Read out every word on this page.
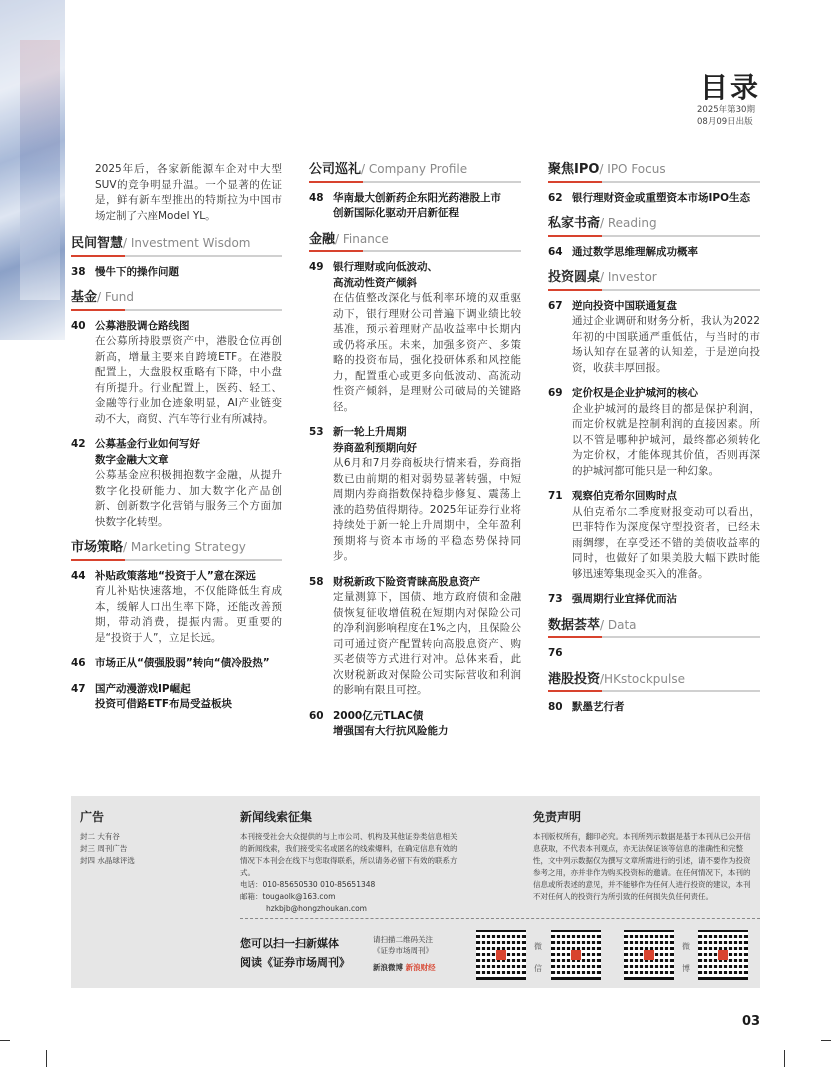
目录
2025年第30期
08月09日出版
2025年后，各家新能源车企对中大型SUV的竞争明显升温。一个显著的佐证是，鲜有新车型推出的特斯拉为中国市场定制了六座Model YL。
民间智慧/ Investment Wisdom
38 慢牛下的操作问题
基金/ Fund
40 公募港股调仓路线图
在公募所持股票资产中，港股仓位再创新高，增量主要来自跨境ETF。在港股配置上，大盘股权重略有下降，中小盘有所提升。行业配置上，医药、轻工、金融等行业加仓迹象明显，AI产业链变动不大，商贸、汽车等行业有所减持。
42 公募基金行业如何写好
数字金融大文章
公募基金应积极拥抱数字金融，从提升数字化投研能力、加大数字化产品创新、创新数字化营销与服务三个方面加快数字化转型。
市场策略/ Marketing Strategy
44 补贴政策落地“投资于人”意在深远
育儿补贴快速落地，不仅能降低生育成本，缓解人口出生率下降，还能改善预期，带动消费，提振内需。更重要的是“投资于人”，立足长远。
46 市场正从“债强股弱”转向“债冷股热”
47 国产动漫游戏IP崛起
投资可借路ETF布局受益板块
公司巡礼/ Company Profile
48 华南最大创新药企东阳光药港股上市
创新国际化驱动开启新征程
金融/ Finance
49 银行理财或向低波动、
高流动性资产倾斜
在估值整改深化与低利率环境的双重驱动下，银行理财公司普遍下调业绩比较基准，预示着理财产品收益率中长期内或仍将承压。未来，加强多资产、多策略的投资布局，强化投研体系和风控能力，配置重心或更多向低波动、高流动性资产倾斜，是理财公司破局的关键路径。
53 新一轮上升周期
券商盈利预期向好
从6月和7月券商板块行情来看，券商指数已由前期的相对弱势显著转强，中短周期内券商指数保持稳步修复、震荡上涨的趋势值得期待。2025年证券行业将持续处于新一轮上升周期中，全年盈利预期将与资本市场的平稳态势保持同步。
58 财税新政下险资青睐高股息资产
定量测算下，国债、地方政府债和金融债恢复征收增值税在短期内对保险公司的净利润影响程度在1%之内，且保险公司可通过资产配置转向高股息资产、购买老债等方式进行对冲。总体来看，此次财税新政对保险公司实际营收和利润的影响有限且可控。
60 2000亿元TLAC债
增强国有大行抗风险能力
聚焦IPO/ IPO Focus
62 银行理财资金或重塑资本市场IPO生态
私家书斋/ Reading
64 通过数学思维理解成功概率
投资圆桌/ Investor
67 逆向投资中国联通复盘
通过企业调研和财务分析，我认为2022年初的中国联通严重低估，与当时的市场认知存在显著的认知差，于是逆向投资，收获丰厚回报。
69 定价权是企业护城河的核心
企业护城河的最终目的都是保护利润，而定价权就是控制利润的直接因素。所以不管是哪种护城河，最终都必须转化为定价权，才能体现其价值，否则再深的护城河都可能只是一种幻象。
71 观察伯克希尔回购时点
从伯克希尔二季度财报变动可以看出，巴菲特作为深度保守型投资者，已经未雨绸缪，在享受还不错的美债收益率的同时，也做好了如果美股大幅下跌时能够迅速筹集现金买入的准备。
73 强周期行业宜择优而沾
数据荟萃/ Data
76
港股投资/HKstockpulse
80 默墨艺行者
广告
封二 大有谷
封三 周刊广告
封四 水晶球评选
新闻线索征集
本刊接受社会大众提供的与上市公司、机构及其他证券类信息相关的新闻线索，我们接受实名或匿名的线索爆料，在确定信息有效的情况下本刊会在线下与您取得联系，所以请务必留下有效的联系方式。
电话：010-85650530 010-85651348
邮箱：tougaolk@163.com
hzkbjb@hongzhoukan.com
免责声明
本刊版权所有，翻印必究。本刊所列示数据是基于本刊从已公开信息获取，不代表本刊观点，亦无法保证该等信息的准确性和完整性，文中列示数据仅为撰写文章所需进行的引述，请不要作为投资参考之用，亦并非作为购买投资标的邀请。在任何情况下，本刊的信息或所表述的意见，并不能够作为任何人进行投资的建议，本刊不对任何人的投资行为所引致的任何损失负任何责任。
您可以扫一扫新媒体
阅读《证券市场周刊》
请扫描二维码关注
《证券市场周刊》
新浪微博 新浪财经
微
信
微
博
03
